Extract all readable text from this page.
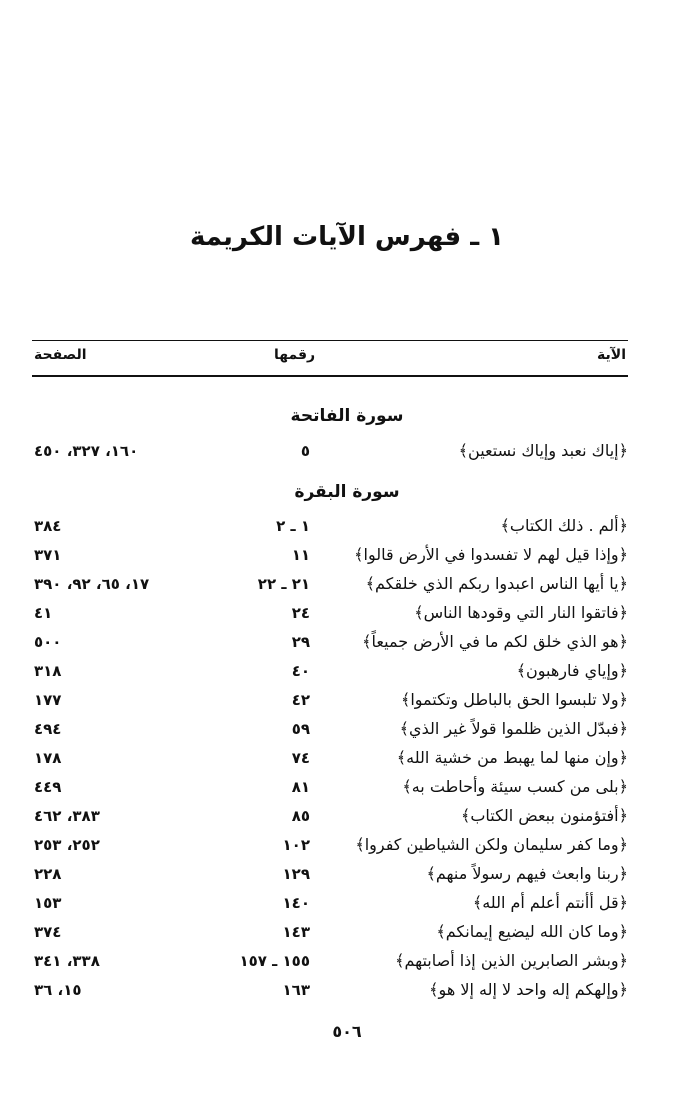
١ ـ فهرس الآيات الكريمة
الآية
رقمها
الصفحة
سورة الفاتحة
﴿إياك نعبد وإياك نستعين﴾
٥
١٦٠، ٣٢٧، ٤٥٠
سورة البقرة
﴿ألم . ذلك الكتاب﴾
١ ـ ٢
٣٨٤
﴿وإذا قيل لهم لا تفسدوا في الأرض قالوا﴾
١١
٣٧١
﴿يا أيها الناس اعبدوا ربكم الذي خلقكم﴾
٢١ ـ ٢٢
١٧، ٦٥، ٩٢، ٣٩٠
﴿فاتقوا النار التي وقودها الناس﴾
٢٤
٤١
﴿هو الذي خلق لكم ما في الأرض جميعاً﴾
٢٩
٥٠٠
﴿وإياي فارهبون﴾
٤٠
٣١٨
﴿ولا تلبسوا الحق بالباطل وتكتموا﴾
٤٢
١٧٧
﴿فبدّل الذين ظلموا قولاً غير الذي﴾
٥٩
٤٩٤
﴿وإن منها لما يهبط من خشية الله﴾
٧٤
١٧٨
﴿بلى من كسب سيئة وأحاطت به﴾
٨١
٤٤٩
﴿أفتؤمنون ببعض الكتاب﴾
٨٥
٣٨٣، ٤٦٢
﴿وما كفر سليمان ولكن الشياطين كفروا﴾
١٠٢
٢٥٢، ٢٥٣
﴿ربنا وابعث فيهم رسولاً منهم﴾
١٢٩
٢٢٨
﴿قل أأنتم أعلم أم الله﴾
١٤٠
١٥٣
﴿وما كان الله ليضيع إيمانكم﴾
١٤٣
٣٧٤
﴿وبشر الصابرين الذين إذا أصابتهم﴾
١٥٥ ـ ١٥٧
٣٣٨، ٣٤١
﴿وإلهكم إله واحد لا إله إلا هو﴾
١٦٣
١٥، ٣٦
٥٠٦
